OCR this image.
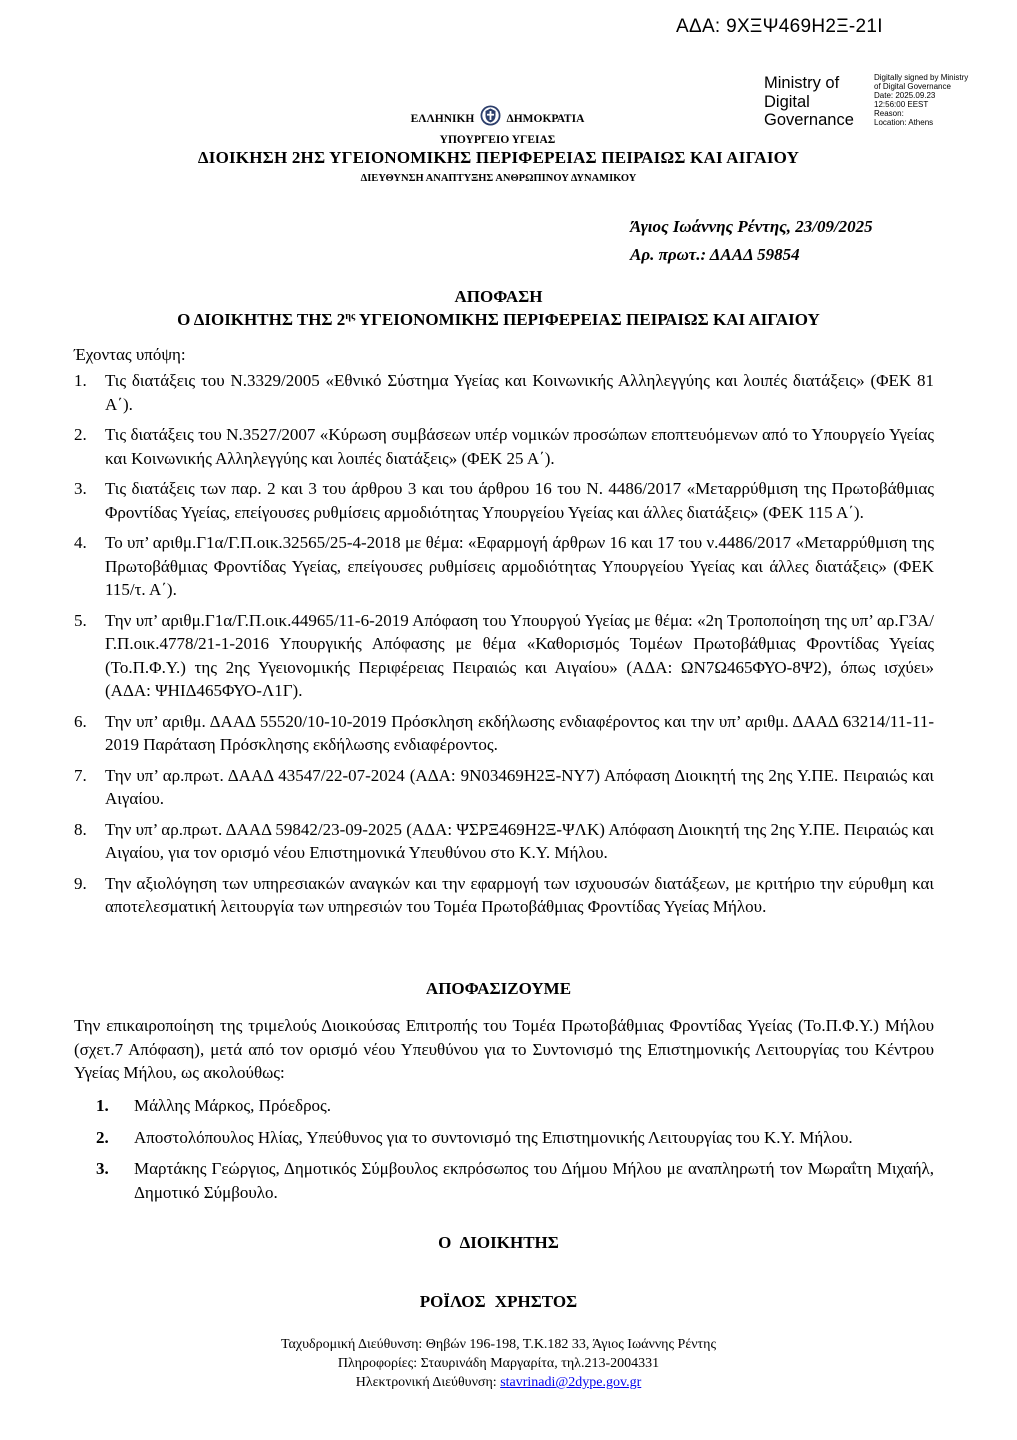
ΑΔΑ: 9ΧΞΨ469Η2Ξ-21Ι
Ministry of
Digital
Governance
Digitally signed by Ministry
of Digital Governance
Date: 2025.09.23
12:56:00 EEST
Reason:
Location: Athens
ΕΛΛΗΝΙΚΗ	ΔΗΜΟΚΡΑΤΙΑ
ΥΠΟΥΡΓΕΙΟ ΥΓΕΙΑΣ
ΔΙΟΙΚΗΣΗ 2ΗΣ ΥΓΕΙΟΝΟΜΙΚΗΣ ΠΕΡΙΦΕΡΕΙΑΣ ΠΕΙΡΑΙΩΣ ΚΑΙ ΑΙΓΑΙΟΥ
ΔΙΕΥΘΥΝΣΗ ΑΝΑΠΤΥΞΗΣ ΑΝΘΡΩΠΙΝΟΥ ΔΥΝΑΜΙΚΟΥ
Άγιος Ιωάννης Ρέντης, 23/09/2025
Αρ. πρωτ.: ΔΑΑΔ 59854
ΑΠΟΦΑΣΗ
Ο ΔΙΟΙΚΗΤΗΣ ΤΗΣ $2^{\eta\varsigma}$ ΥΓΕΙΟΝΟΜΙΚΗΣ ΠΕΡΙΦΕΡΕΙΑΣ ΠΕΙΡΑΙΩΣ ΚΑΙ ΑΙΓΑΙΟΥ
Έχοντας υπόψη:
1. Τις διατάξεις του Ν.3329/2005 «Εθνικό Σύστημα Υγείας και Κοινωνικής Αλληλεγγύης και λοιπές διατάξεις» (ΦΕΚ 81 Α΄).
2. Τις διατάξεις του Ν.3527/2007 «Κύρωση συμβάσεων υπέρ νομικών προσώπων εποπτευόμενων από το Υπουργείο Υγείας και Κοινωνικής Αλληλεγγύης και λοιπές διατάξεις» (ΦΕΚ 25 Α΄).
3. Τις διατάξεις των παρ. 2 και 3 του άρθρου 3 και του άρθρου 16 του Ν. 4486/2017 «Μεταρρύθμιση της Πρωτοβάθμιας Φροντίδας Υγείας, επείγουσες ρυθμίσεις αρμοδιότητας Υπουργείου Υγείας και άλλες διατάξεις» (ΦΕΚ 115 Α΄).
4. Το υπ’ αριθμ.Γ1α/Γ.Π.οικ.32565/25-4-2018 με θέμα: «Εφαρμογή άρθρων 16 και 17 του ν.4486/2017 «Μεταρρύθμιση της Πρωτοβάθμιας Φροντίδας Υγείας, επείγουσες ρυθμίσεις αρμοδιότητας Υπουργείου Υγείας και άλλες διατάξεις» (ΦΕΚ 115/τ. Α΄).
5. Την υπ’ αριθμ.Γ1α/Γ.Π.οικ.44965/11-6-2019 Απόφαση του Υπουργού Υγείας με θέμα: «2η Τροποποίηση της υπ’ αρ.Γ3Α/Γ.Π.οικ.4778/21-1-2016 Υπουργικής Απόφασης με θέμα «Καθορισμός Τομέων Πρωτοβάθμιας Φροντίδας Υγείας (Το.Π.Φ.Υ.) της 2ης Υγειονομικής Περιφέρειας Πειραιώς και Αιγαίου» (ΑΔΑ: ΩΝ7Ω465ΦΥΟ-8Ψ2), όπως ισχύει» (ΑΔΑ: ΨΗΙΔ465ΦΥΟ-Λ1Γ).
6. Την υπ’ αριθμ. ΔΑΑΔ 55520/10-10-2019 Πρόσκληση εκδήλωσης ενδιαφέροντος και την υπ’ αριθμ. ΔΑΑΔ 63214/11-11-2019 Παράταση Πρόσκλησης εκδήλωσης ενδιαφέροντος.
7. Την υπ’ αρ.πρωτ. ΔΑΑΔ 43547/22-07-2024 (ΑΔΑ: 9Ν03469Η2Ξ-ΝΥ7) Απόφαση Διοικητή της 2ης Υ.ΠΕ. Πειραιώς και Αιγαίου.
8. Την υπ’ αρ.πρωτ. ΔΑΑΔ 59842/23-09-2025 (ΑΔΑ: ΨΣΡΞ469Η2Ξ-ΨΛΚ) Απόφαση Διοικητή της 2ης Υ.ΠΕ. Πειραιώς και Αιγαίου, για τον ορισμό νέου Επιστημονικά Υπευθύνου στο Κ.Υ. Μήλου.
9. Την αξιολόγηση των υπηρεσιακών αναγκών και την εφαρμογή των ισχυουσών διατάξεων, με κριτήριο την εύρυθμη και αποτελεσματική λειτουργία των υπηρεσιών του Τομέα Πρωτοβάθμιας Φροντίδας Υγείας Μήλου.
ΑΠΟΦΑΣΙΖΟΥΜΕ
Την επικαιροποίηση της τριμελούς Διοικούσας Επιτροπής του Τομέα Πρωτοβάθμιας Φροντίδας Υγείας (Το.Π.Φ.Υ.) Μήλου (σχετ.7 Απόφαση), μετά από τον ορισμό νέου Υπευθύνου για το Συντονισμό της Επιστημονικής Λειτουργίας του Κέντρου Υγείας Μήλου, ως ακολούθως:
1. Μάλλης Μάρκος, Πρόεδρος.
2. Αποστολόπουλος Ηλίας, Υπεύθυνος για το συντονισμό της Επιστημονικής Λειτουργίας του Κ.Υ. Μήλου.
3. Μαρτάκης Γεώργιος, Δημοτικός Σύμβουλος εκπρόσωπος του Δήμου Μήλου με αναπληρωτή τον Μωραΐτη Μιχαήλ, Δημοτικό Σύμβουλο.
Ο ΔΙΟΙΚΗΤΗΣ
ΡΟΪΛΟΣ ΧΡΗΣΤΟΣ
Ταχυδρομική Διεύθυνση: Θηβών 196-198, Τ.Κ.182 33, Άγιος Ιωάννης Ρέντης
Πληροφορίες: Σταυρινάδη Μαργαρίτα, τηλ.213-2004331
Ηλεκτρονική Διεύθυνση: stavrinadi@2dype.gov.gr
